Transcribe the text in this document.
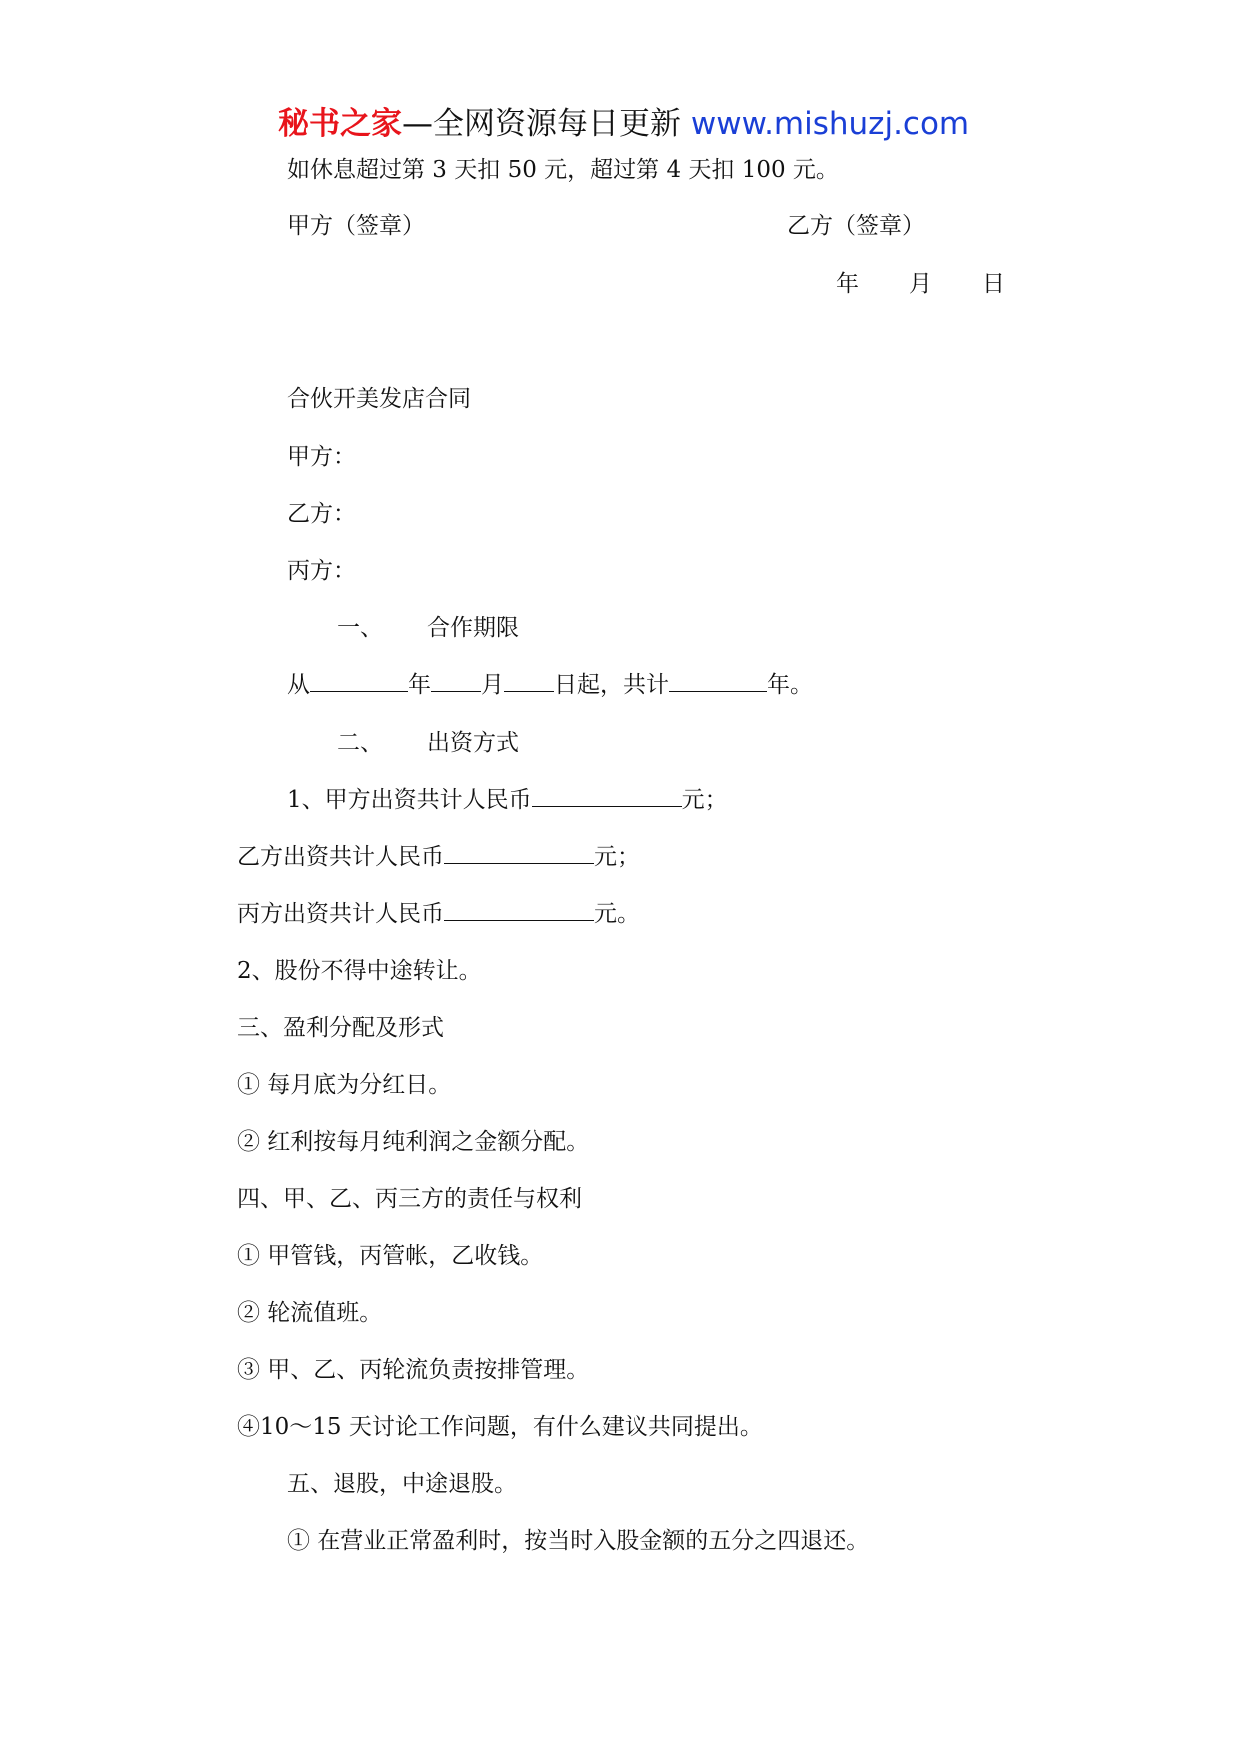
秘书之家—全网资源每日更新 www.mishuzj.com
如休息超过第 3 天扣 50 元，超过第 4 天扣 100 元。
甲方（签章）	乙方（签章）
年 月 日
合伙开美发店合同
甲方：
乙方：
丙方：
一、 合作期限
从	年 月 日起，共计	年。
二、 出资方式
1、甲方出资共计人民币	元；
乙方出资共计人民币	元；
丙方出资共计人民币	元。
2、股份不得中途转让。
三、盈利分配及形式
① 每月底为分红日。
② 红利按每月纯利润之金额分配。
四、甲、乙、丙三方的责任与权利
① 甲管钱，丙管帐，乙收钱。
② 轮流值班。
③ 甲、乙、丙轮流负责按排管理。
④10～15 天讨论工作问题，有什么建议共同提出。
五、退股，中途退股。
① 在营业正常盈利时，按当时入股金额的五分之四退还。
